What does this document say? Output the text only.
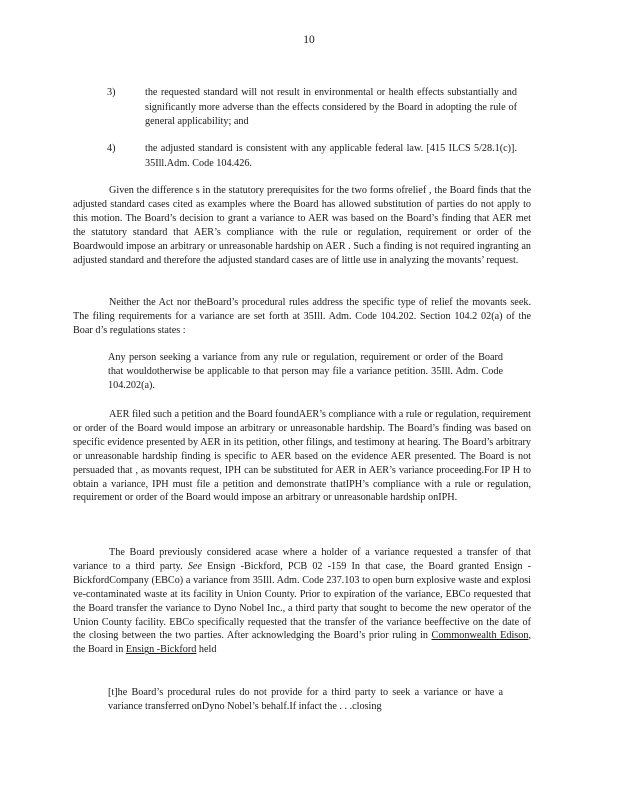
10
3)	the requested standard will not result in environmental or health effects substantially and significantly more adverse than the effects considered by the Board in adopting the rule of general applicability; and
4)	the adjusted standard is consistent with any applicable federal law. [415 ILCS 5/28.1(c)]. 35Ill.Adm. Code 104.426.

Given the difference s in the statutory prerequisites for the two forms ofrelief , the Board finds that the adjusted standard cases cited as examples where the Board has allowed substitution of parties do not apply to this motion. The Board’s decision to grant a variance to AER was based on the Board’s finding that AER met the statutory standard that AER’s compliance with the rule or regulation, requirement or order of the Boardwould impose an arbitrary or unreasonable hardship on AER . Such a finding is not required ingranting an adjusted standard and therefore the adjusted standard cases are of little use in analyzing the movants’ request.

Neither the Act nor theBoard’s procedural rules address the specific type of relief the movants seek. The filing requirements for a variance are set forth at 35Ill. Adm. Code 104.202. Section 104.2 02(a) of the Boar d’s regulations states :

Any person seeking a variance from any rule or regulation, requirement or order of the Board that wouldotherwise be applicable to that person may file a variance petition. 35Ill. Adm. Code 104.202(a).

AER filed such a petition and the Board foundAER’s compliance with a rule or regulation, requirement or order of the Board would impose an arbitrary or unreasonable hardship. The Board’s finding was based on specific evidence presented by AER in its petition, other filings, and testimony at hearing. The Board’s arbitrary or unreasonable hardship finding is specific to AER based on the evidence AER presented. The Board is not persuaded that , as movants request, IPH can be substituted for AER in AER’s variance proceeding.For IP H to obtain a variance, IPH must file a petition and demonstrate thatIPH’s compliance with a rule or regulation, requirement or order of the Board would impose an arbitrary or unreasonable hardship onIPH.

The Board previously considered acase where a holder of a variance requested a transfer of that variance to a third party. See Ensign -Bickford, PCB 02 -159 In that case, the Board granted Ensign - BickfordCompany (EBCo) a variance from 35Ill. Adm. Code 237.103 to open burn explosive waste and explosi ve-contaminated waste at its facility in Union County. Prior to expiration of the variance, EBCo requested that the Board transfer the variance to Dyno Nobel Inc., a third party that sought to become the new operator of the Union County facility. EBCo specifically requested that the transfer of the variance beeffective on the date of the closing between the two parties. After acknowledging the Board’s prior ruling in Commonwealth Edison, the Board in Ensign -Bickford held

[t]he Board’s procedural rules do not provide for a third party to seek a variance or have a variance transferred onDyno Nobel’s behalf.If infact the . . .closing
